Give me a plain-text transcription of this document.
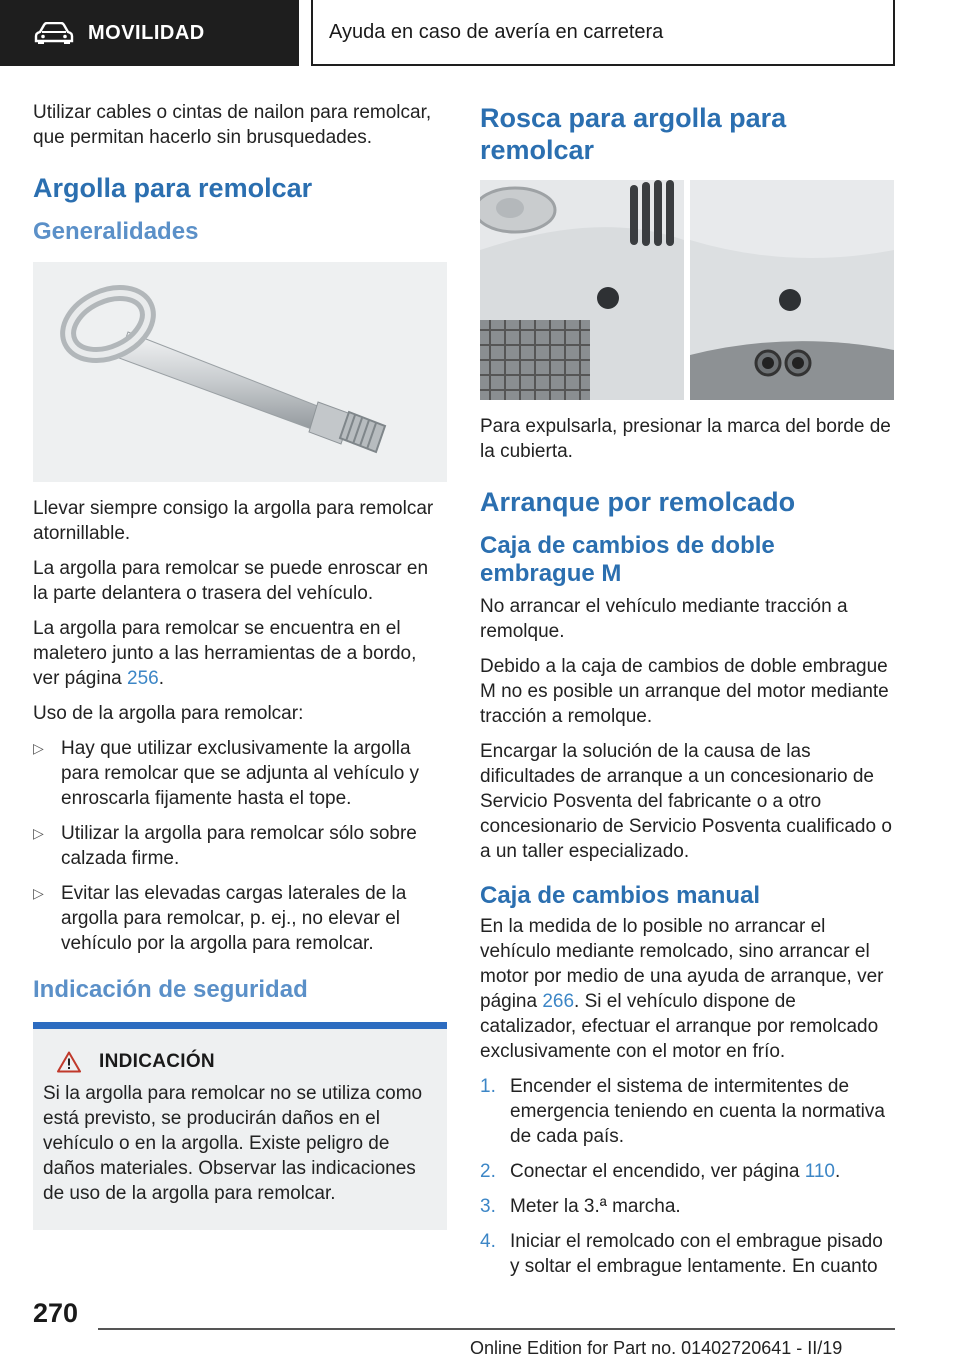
MOVILIDAD	Ayuda en caso de avería en carretera

Utilizar cables o cintas de nailon para remolcar, que permitan hacerlo sin brusquedades.

Argolla para remolcar
Generalidades

Llevar siempre consigo la argolla para remolcar atornillable.

La argolla para remolcar se puede enroscar en la parte delantera o trasera del vehículo.

La argolla para remolcar se encuentra en el maletero junto a las herramientas de a bordo, ver página 256.

Uso de la argolla para remolcar:

▷ Hay que utilizar exclusivamente la argolla para remolcar que se adjunta al vehículo y enroscarla fijamente hasta el tope.
▷ Utilizar la argolla para remolcar sólo sobre calzada firme.
▷ Evitar las elevadas cargas laterales de la argolla para remolcar, p. ej., no elevar el vehículo por la argolla para remolcar.
Indicación de seguridad
INDICACIÓN

Si la argolla para remolcar no se utiliza como está previsto, se producirán daños en el vehículo o en la argolla. Existe peligro de daños materiales. Observar las indicaciones de uso de la argolla para remolcar.

Rosca para argolla para remolcar

Para expulsarla, presionar la marca del borde de la cubierta.

Arranque por remolcado
Caja de cambios de doble embrague M

No arrancar el vehículo mediante tracción a remolque.

Debido a la caja de cambios de doble embrague M no es posible un arranque del motor mediante tracción a remolque.

Encargar la solución de la causa de las dificultades de arranque a un concesionario de Servicio Posventa del fabricante o a otro concesionario de Servicio Posventa cualificado o a un taller especializado.

Caja de cambios manual

En la medida de lo posible no arrancar el vehículo mediante remolcado, sino arrancar el motor por medio de una ayuda de arranque, ver página 266. Si el vehículo dispone de catalizador, efectuar el arranque por remolcado exclusivamente con el motor en frío.

1. Encender el sistema de intermitentes de emergencia teniendo en cuenta la normativa de cada país.
2. Conectar el encendido, ver página 110.
3. Meter la 3.ª marcha.
4. Iniciar el remolcado con el embrague pisado y soltar el embrague lentamente. En cuanto
270
Online Edition for Part no. 01402720641 - II/19
